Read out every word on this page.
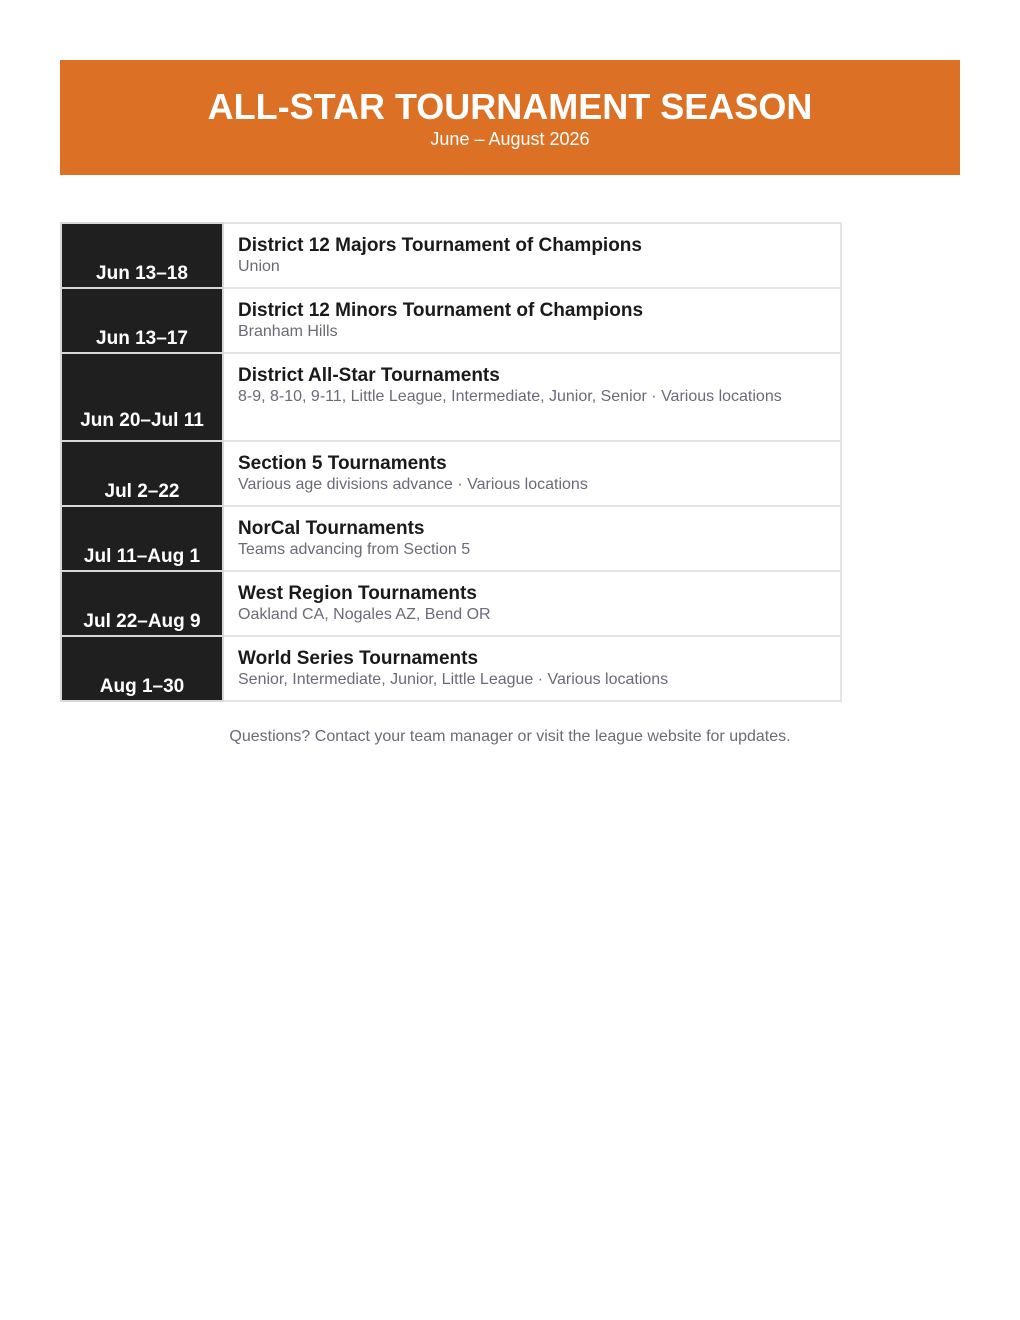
ALL-STAR TOURNAMENT SEASON
June – August 2026
Jun 13–18	District 12 Majors Tournament of Champions
Union

Jun 13–17	District 12 Minors Tournament of Champions
Branham Hills

Jun 20–Jul 11	District All-Star Tournaments
8-9, 8-10, 9-11, Little League, Intermediate, Junior, Senior · Various locations

Jul 2–22	Section 5 Tournaments
Various age divisions advance · Various locations

Jul 11–Aug 1	NorCal Tournaments
Teams advancing from Section 5

Jul 22–Aug 9	West Region Tournaments
Oakland CA, Nogales AZ, Bend OR

Aug 1–30	World Series Tournaments
Senior, Intermediate, Junior, Little League · Various locations
Questions? Contact your team manager or visit the league website for updates.
